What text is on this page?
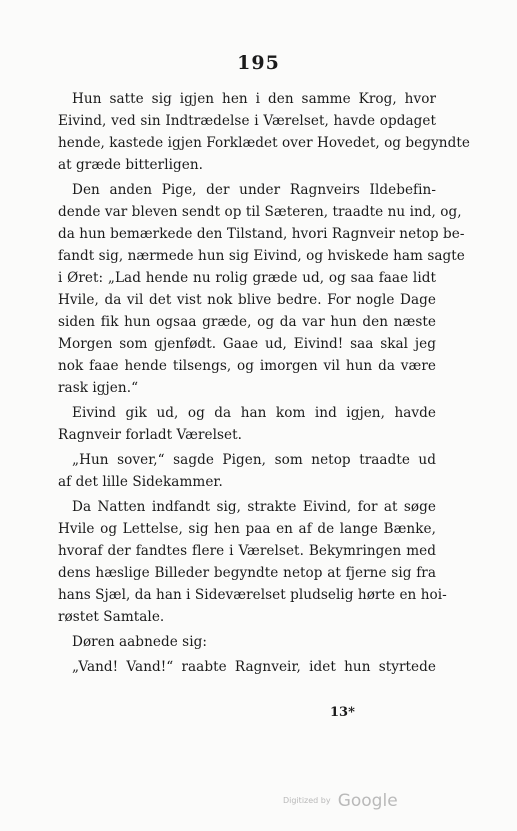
195
Hun satte sig igjen hen i den samme Krog, hvor
Eivind, ved sin Indtrædelse i Værelset, havde opdaget
hende, kastede igjen Forklædet over Hovedet, og begyndte
at græde bitterligen.
Den anden Pige, der under Ragnveirs Ildebefin-
dende var bleven sendt op til Sæteren, traadte nu ind, og,
da hun bemærkede den Tilstand, hvori Ragnveir netop be-
fandt sig, nærmede hun sig Eivind, og hviskede ham sagte
i Øret: „Lad hende nu rolig græde ud, og saa faae lidt
Hvile, da vil det vist nok blive bedre. For nogle Dage
siden fik hun ogsaa græde, og da var hun den næste
Morgen som gjenfødt. Gaae ud, Eivind! saa skal jeg
nok faae hende tilsengs, og imorgen vil hun da være
rask igjen.“
Eivind gik ud, og da han kom ind igjen, havde
Ragnveir forladt Værelset.
„Hun sover,“ sagde Pigen, som netop traadte ud
af det lille Sidekammer.
Da Natten indfandt sig, strakte Eivind, for at søge
Hvile og Lettelse, sig hen paa en af de lange Bænke,
hvoraf der fandtes flere i Værelset. Bekymringen med
dens hæslige Billeder begyndte netop at fjerne sig fra
hans Sjæl, da han i Sideværelset pludselig hørte en hoi-
røstet Samtale.
Døren aabnede sig:
„Vand! Vand!“ raabte Ragnveir, idet hun styrtede
13*
Digitized by Google
